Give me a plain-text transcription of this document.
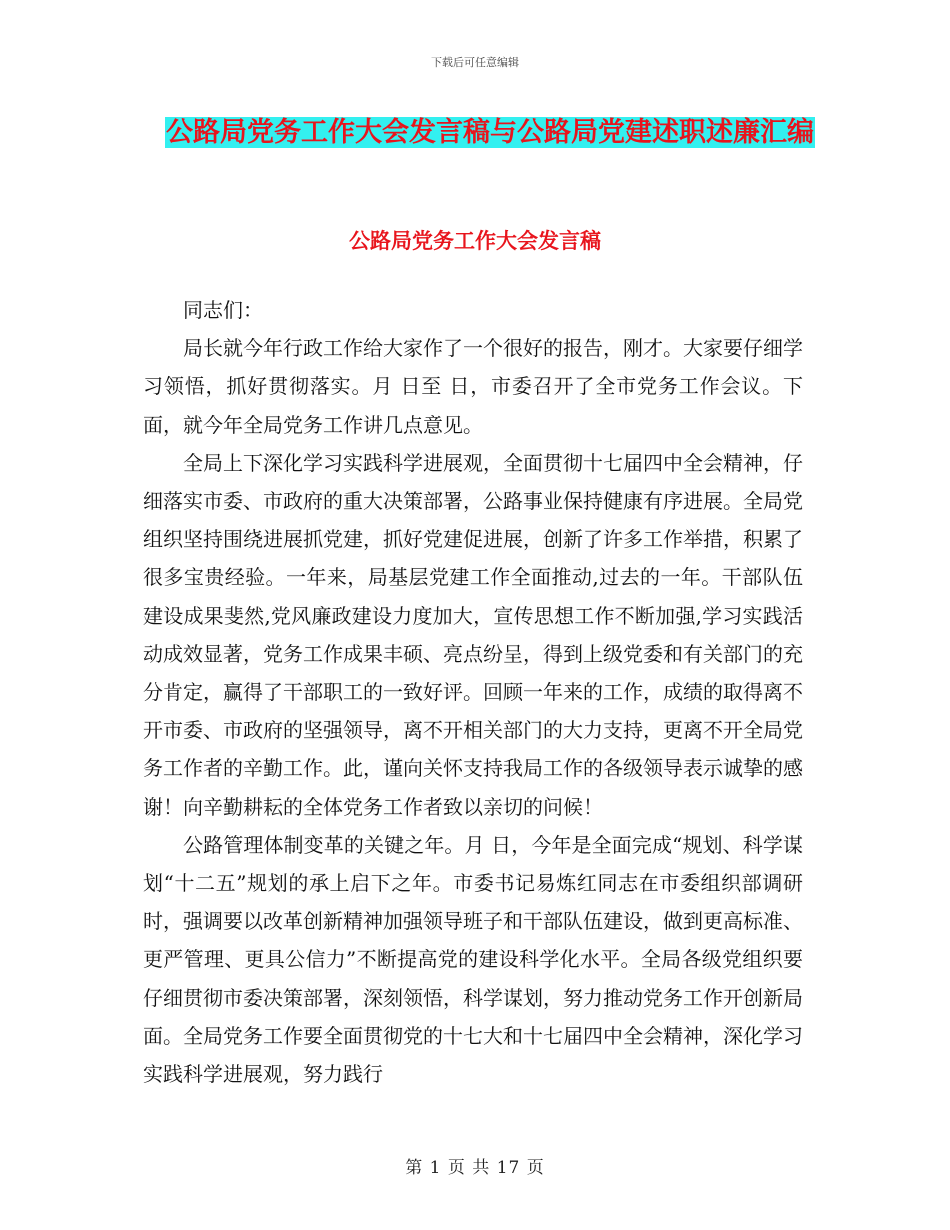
下载后可任意编辑
公路局党务工作大会发言稿与公路局党建述职述廉汇编
公路局党务工作大会发言稿

同志们：

局长就今年行政工作给大家作了一个很好的报告，刚才。大家要仔细学习领悟，抓好贯彻落实。月 日至 日，市委召开了全市党务工作会议。下面，就今年全局党务工作讲几点意见。

全局上下深化学习实践科学进展观，全面贯彻十七届四中全会精神，仔细落实市委、市政府的重大决策部署，公路事业保持健康有序进展。全局党组织坚持围绕进展抓党建，抓好党建促进展，创新了许多工作举措，积累了很多宝贵经验。一年来，局基层党建工作全面推动,过去的一年。干部队伍建设成果斐然,党风廉政建设力度加大，宣传思想工作不断加强,学习实践活动成效显著，党务工作成果丰硕、亮点纷呈，得到上级党委和有关部门的充分肯定，赢得了干部职工的一致好评。回顾一年来的工作，成绩的取得离不开市委、市政府的坚强领导，离不开相关部门的大力支持，更离不开全局党务工作者的辛勤工作。此，谨向关怀支持我局工作的各级领导表示诚挚的感谢！向辛勤耕耘的全体党务工作者致以亲切的问候！

公路管理体制变革的关键之年。月 日，今年是全面完成“规划、科学谋划“十二五”规划的承上启下之年。市委书记易炼红同志在市委组织部调研时，强调要以改革创新精神加强领导班子和干部队伍建设，做到更高标准、更严管理、更具公信力”不断提高党的建设科学化水平。全局各级党组织要仔细贯彻市委决策部署，深刻领悟，科学谋划，努力推动党务工作开创新局面。全局党务工作要全面贯彻党的十七大和十七届四中全会精神，深化学习实践科学进展观，努力践行

第 1 页 共 17 页
